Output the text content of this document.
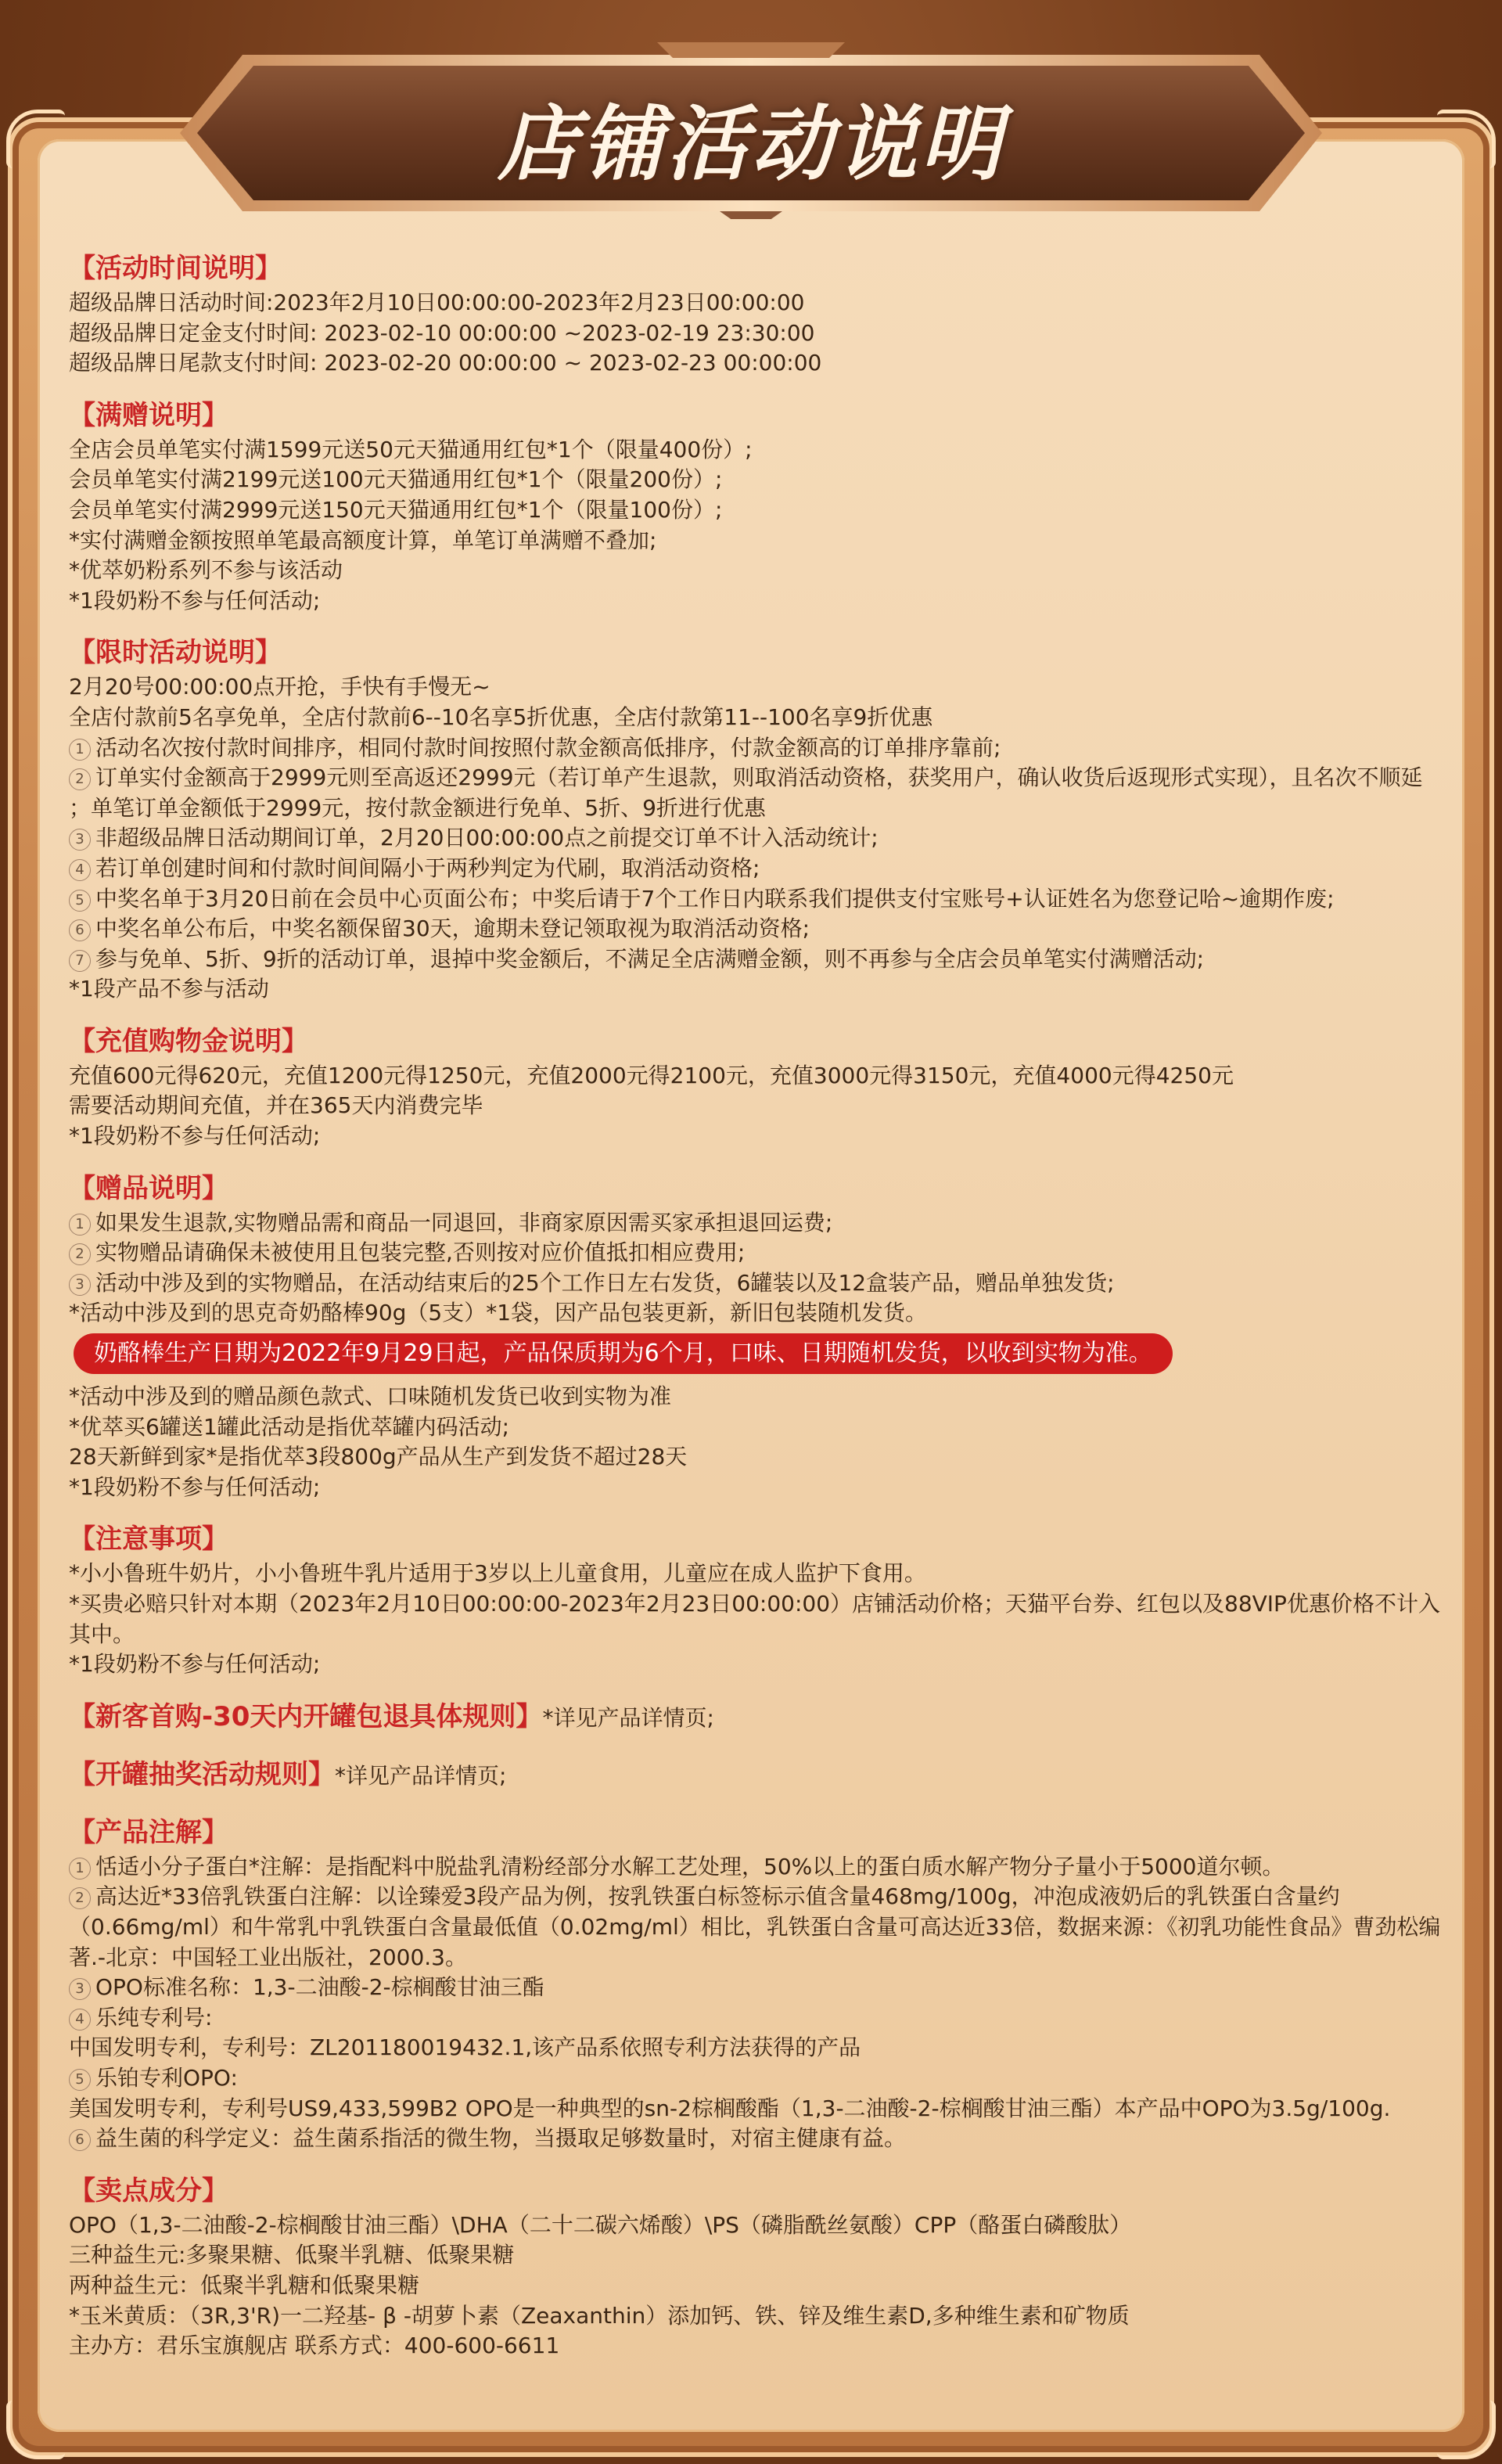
店铺活动说明
【活动时间说明】
超级品牌日活动时间:2023年2月10日00:00:00-2023年2月23日00:00:00
超级品牌日定金支付时间: 2023-02-10 00:00:00 ~2023-02-19 23:30:00
超级品牌日尾款支付时间: 2023-02-20 00:00:00 ~ 2023-02-23 00:00:00
【满赠说明】
全店会员单笔实付满1599元送50元天猫通用红包*1个（限量400份）;
会员单笔实付满2199元送100元天猫通用红包*1个（限量200份）;
会员单笔实付满2999元送150元天猫通用红包*1个（限量100份）;
*实付满赠金额按照单笔最高额度计算，单笔订单满赠不叠加;
*优萃奶粉系列不参与该活动
*1段奶粉不参与任何活动;
【限时活动说明】
2月20号00:00:00点开抢，手快有手慢无~
全店付款前5名享免单，全店付款前6--10名享5折优惠，全店付款第11--100名享9折优惠
1 活动名次按付款时间排序，相同付款时间按照付款金额高低排序，付款金额高的订单排序靠前;
2 订单实付金额高于2999元则至高返还2999元（若订单产生退款，则取消活动资格，获奖用户，确认收货后返现形式实现），且名次不顺延
；单笔订单金额低于2999元，按付款金额进行免单、5折、9折进行优惠
3 非超级品牌日活动期间订单，2月20日00:00:00点之前提交订单不计入活动统计;
4 若订单创建时间和付款时间间隔小于两秒判定为代刷，取消活动资格;
5 中奖名单于3月20日前在会员中心页面公布；中奖后请于7个工作日内联系我们提供支付宝账号+认证姓名为您登记哈~逾期作废;
6 中奖名单公布后，中奖名额保留30天，逾期未登记领取视为取消活动资格;
7 参与免单、5折、9折的活动订单，退掉中奖金额后，不满足全店满赠金额，则不再参与全店会员单笔实付满赠活动;
*1段产品不参与活动
【充值购物金说明】
充值600元得620元，充值1200元得1250元，充值2000元得2100元，充值3000元得3150元，充值4000元得4250元
需要活动期间充值，并在365天内消费完毕
*1段奶粉不参与任何活动;
【赠品说明】
1 如果发生退款,实物赠品需和商品一同退回，非商家原因需买家承担退回运费;
2 实物赠品请确保未被使用且包装完整,否则按对应价值抵扣相应费用;
3 活动中涉及到的实物赠品，在活动结束后的25个工作日左右发货，6罐装以及12盒装产品，赠品单独发货;
*活动中涉及到的思克奇奶酪棒90g（5支）*1袋，因产品包装更新，新旧包装随机发货。
奶酪棒生产日期为2022年9月29日起，产品保质期为6个月，口味、日期随机发货，以收到实物为准。
*活动中涉及到的赠品颜色款式、口味随机发货已收到实物为准
*优萃买6罐送1罐此活动是指优萃罐内码活动;
28天新鲜到家*是指优萃3段800g产品从生产到发货不超过28天
*1段奶粉不参与任何活动;
【注意事项】
*小小鲁班牛奶片，小小鲁班牛乳片适用于3岁以上儿童食用，儿童应在成人监护下食用。
*买贵必赔只针对本期（2023年2月10日00:00:00-2023年2月23日00:00:00）店铺活动价格；天猫平台券、红包以及88VIP优惠价格不计入其中。
*1段奶粉不参与任何活动;
【新客首购-30天内开罐包退具体规则】*详见产品详情页;
【开罐抽奖活动规则】*详见产品详情页;
【产品注解】
1 恬适小分子蛋白*注解：是指配料中脱盐乳清粉经部分水解工艺处理，50%以上的蛋白质水解产物分子量小于5000道尔顿。
2 高达近*33倍乳铁蛋白注解：以诠臻爱3段产品为例，按乳铁蛋白标签标示值含量468mg/100g，冲泡成液奶后的乳铁蛋白含量约（0.66mg/ml）和牛常乳中乳铁蛋白含量最低值（0.02mg/ml）相比，乳铁蛋白含量可高达近33倍，数据来源：《初乳功能性食品》曹劲松编著.-北京：中国轻工业出版社，2000.3。
3 OPO标准名称：1,3-二油酸-2-棕榈酸甘油三酯
4 乐纯专利号:
中国发明专利，专利号：ZL201180019432.1,该产品系依照专利方法获得的产品
5 乐铂专利OPO:
美国发明专利，专利号US9,433,599B2 OPO是一种典型的sn-2棕榈酸酯（1,3-二油酸-2-棕榈酸甘油三酯）本产品中OPO为3.5g/100g.
6 益生菌的科学定义：益生菌系指活的微生物，当摄取足够数量时，对宿主健康有益。
【卖点成分】
OPO（1,3-二油酸-2-棕榈酸甘油三酯）\DHA（二十二碳六烯酸）\PS（磷脂酰丝氨酸）CPP（酪蛋白磷酸肽）
三种益生元:多聚果糖、低聚半乳糖、低聚果糖
两种益生元：低聚半乳糖和低聚果糖
*玉米黄质：（3R,3'R)一二羟基- β -胡萝卜素（Zeaxanthin）添加钙、铁、锌及维生素D,多种维生素和矿物质
主办方：君乐宝旗舰店 联系方式：400-600-6611
